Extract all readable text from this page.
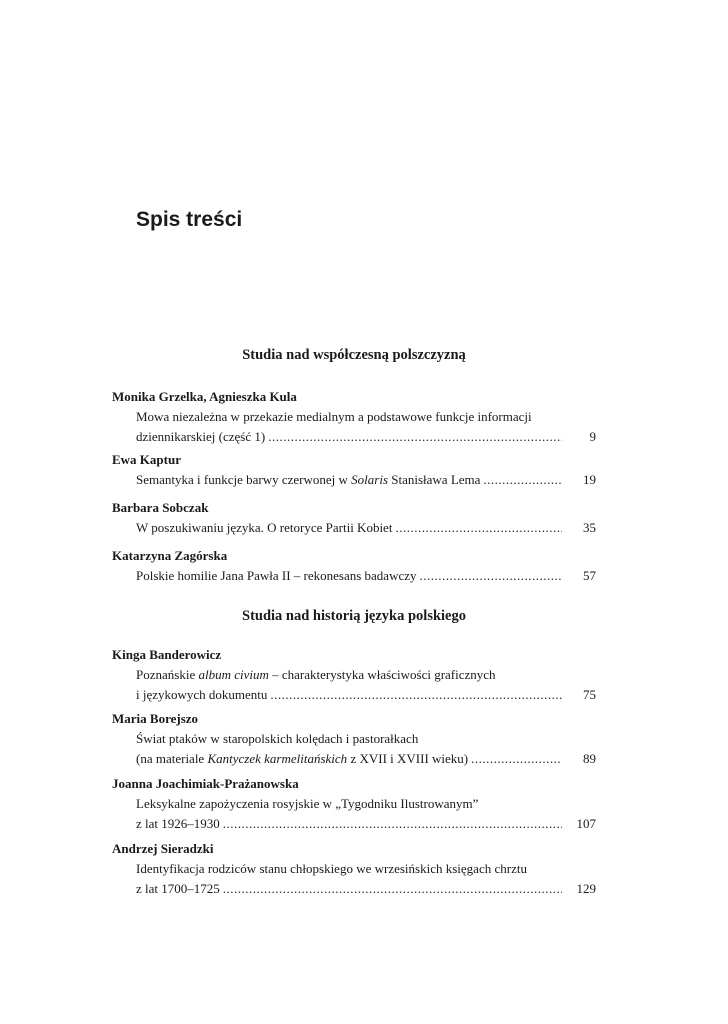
Spis treści
Studia nad współczesną polszczyzną
Monika Grzelka, Agnieszka Kula
Mowa niezależna w przekazie medialnym a podstawowe funkcje informacji
dziennikarskiej (część 1) .....	9
Ewa Kaptur
Semantyka i funkcje barwy czerwonej w Solaris Stanisława Lema .....	19
Barbara Sobczak
W poszukiwaniu języka. O retoryce Partii Kobiet .....	35
Katarzyna Zagórska
Polskie homilie Jana Pawła II – rekonesans badawczy .....	57
Studia nad historią języka polskiego
Kinga Banderowicz
Poznańskie album civium – charakterystyka właściwości graficznych
i językowych dokumentu .....	75
Maria Borejszo
Świat ptaków w staropolskich kolędach i pastorałkach
(na materiale Kantyczek karmelitańskich z XVII i XVIII wieku) .....	89
Joanna Joachimiak-Prażanowska
Leksykalne zapożyczenia rosyjskie w „Tygodniku Ilustrowanym”
z lat 1926–1930 .....	107
Andrzej Sieradzki
Identyfikacja rodziców stanu chłopskiego we wrzesińskich księgach chrztu
z lat 1700–1725 .....	129
